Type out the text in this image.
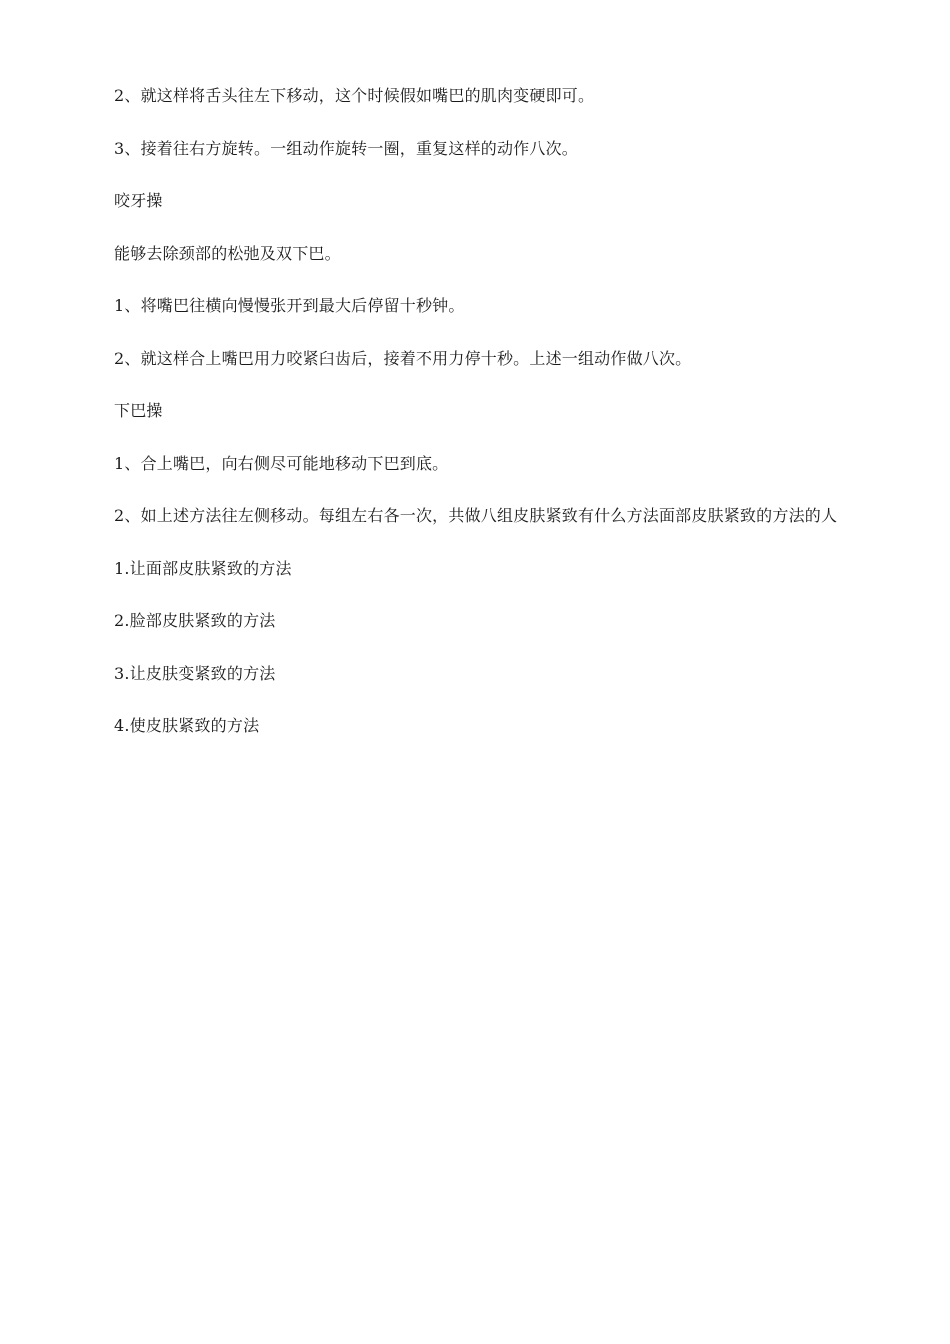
2、就这样将舌头往左下移动，这个时候假如嘴巴的肌肉变硬即可。

3、接着往右方旋转。一组动作旋转一圈，重复这样的动作八次。

咬牙操

能够去除颈部的松弛及双下巴。

1、将嘴巴往横向慢慢张开到最大后停留十秒钟。

2、就这样合上嘴巴用力咬紧臼齿后，接着不用力停十秒。上述一组动作做八次。

下巴操

1、合上嘴巴，向右侧尽可能地移动下巴到底。

2、如上述方法往左侧移动。每组左右各一次，共做八组皮肤紧致有什么方法面部皮肤紧致的方法的人

1.让面部皮肤紧致的方法

2.脸部皮肤紧致的方法

3.让皮肤变紧致的方法

4.使皮肤紧致的方法
